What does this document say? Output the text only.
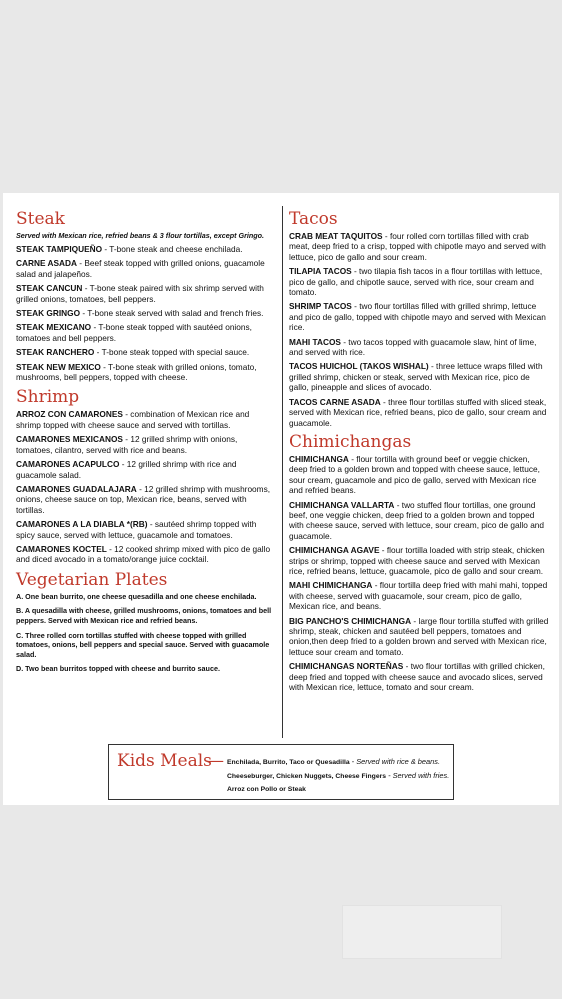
Steak
Served with Mexican rice, refried beans & 3 flour tortillas, except Gringo.
STEAK TAMPIQUEÑO - T-bone steak and cheese enchilada.
CARNE ASADA - Beef steak topped with grilled onions, guacamole salad and jalapeños.
STEAK CANCUN - T-bone steak paired with six shrimp served with grilled onions, tomatoes, bell peppers.
STEAK GRINGO - T-bone steak served with salad and french fries.
STEAK MEXICANO - T-bone steak topped with sautéed onions, tomatoes and bell peppers.
STEAK RANCHERO - T-bone steak topped with special sauce.
STEAK NEW MEXICO - T-bone steak with grilled onions, tomato, mushrooms, bell peppers, topped with cheese.
Shrimp
ARROZ CON CAMARONES - combination of Mexican rice and shrimp topped with cheese sauce and served with tortillas.
CAMARONES MEXICANOS - 12 grilled shrimp with onions, tomatoes, cilantro, served with rice and beans.
CAMARONES ACAPULCO - 12 grilled shrimp with rice and guacamole salad.
CAMARONES GUADALAJARA - 12 grilled shrimp with mushrooms, onions, cheese sauce on top, Mexican rice, beans, served with tortillas.
CAMARONES A LA DIABLA *(RB) - sautéed shrimp topped with spicy sauce, served with lettuce, guacamole and tomatoes.
CAMARONES KOCTEL - 12 cooked shrimp mixed with pico de gallo and diced avocado in a tomato/orange juice cocktail.
Vegetarian Plates
A. One bean burrito, one cheese quesadilla and one cheese enchilada.
B. A quesadilla with cheese, grilled mushrooms, onions, tomatoes and bell peppers. Served with Mexican rice and refried beans.
C. Three rolled corn tortillas stuffed with cheese topped with grilled tomatoes, onions, bell peppers and special sauce. Served with guacamole salad.
D. Two bean burritos topped with cheese and burrito sauce.
Tacos
CRAB MEAT TAQUITOS - four rolled corn tortillas filled with crab meat, deep fried to a crisp, topped with chipotle mayo and served with lettuce, pico de gallo and sour cream.
TILAPIA TACOS - two tilapia fish tacos in a flour tortillas with lettuce, pico de gallo, and chipotle sauce, served with rice, sour cream and tomato.
SHRIMP TACOS - two flour tortillas filled with grilled shrimp, lettuce and pico de gallo, topped with chipotle mayo and served with Mexican rice.
MAHI TACOS - two tacos topped with guacamole slaw, hint of lime, and served with rice.
TACOS HUICHOL (TAKOS WISHAL) - three lettuce wraps filled with grilled shrimp, chicken or steak, served with Mexican rice, pico de gallo, pineapple and slices of avocado.
TACOS CARNE ASADA - three flour tortillas stuffed with sliced steak, served with Mexican rice, refried beans, pico de gallo, sour cream and guacamole.
Chimichangas
CHIMICHANGA - flour tortilla with ground beef or veggie chicken, deep fried to a golden brown and topped with cheese sauce, lettuce, sour cream, guacamole and pico de gallo, served with Mexican rice and refried beans.
CHIMICHANGA VALLARTA - two stuffed flour tortillas, one ground beef, one veggie chicken, deep fried to a golden brown and topped with cheese sauce, served with lettuce, sour cream, pico de gallo and guacamole.
CHIMICHANGA AGAVE - flour tortilla loaded with strip steak, chicken strips or shrimp, topped with cheese sauce and served with Mexican rice, refried beans, lettuce, guacamole, pico de gallo and sour cream.
MAHI CHIMICHANGA - flour tortilla deep fried with mahi mahi, topped with cheese, served with guacamole, sour cream, pico de gallo, Mexican rice, and beans.
BIG PANCHO'S CHIMICHANGA - large flour tortilla stuffed with grilled shrimp, steak, chicken and sautéed bell peppers, tomatoes and onion,then deep fried to a golden brown and served with Mexican rice, lettuce sour cream and tomato.
CHIMICHANGAS NORTEÑAS - two flour tortillas with grilled chicken, deep fried and topped with cheese sauce and avocado slices, served with Mexican rice, lettuce, tomato and sour cream.
Kids Meals
— Enchilada, Burrito, Taco or Quesadilla - Served with rice & beans.
Cheeseburger, Chicken Nuggets, Cheese Fingers - Served with fries.
Arroz con Pollo or Steak
